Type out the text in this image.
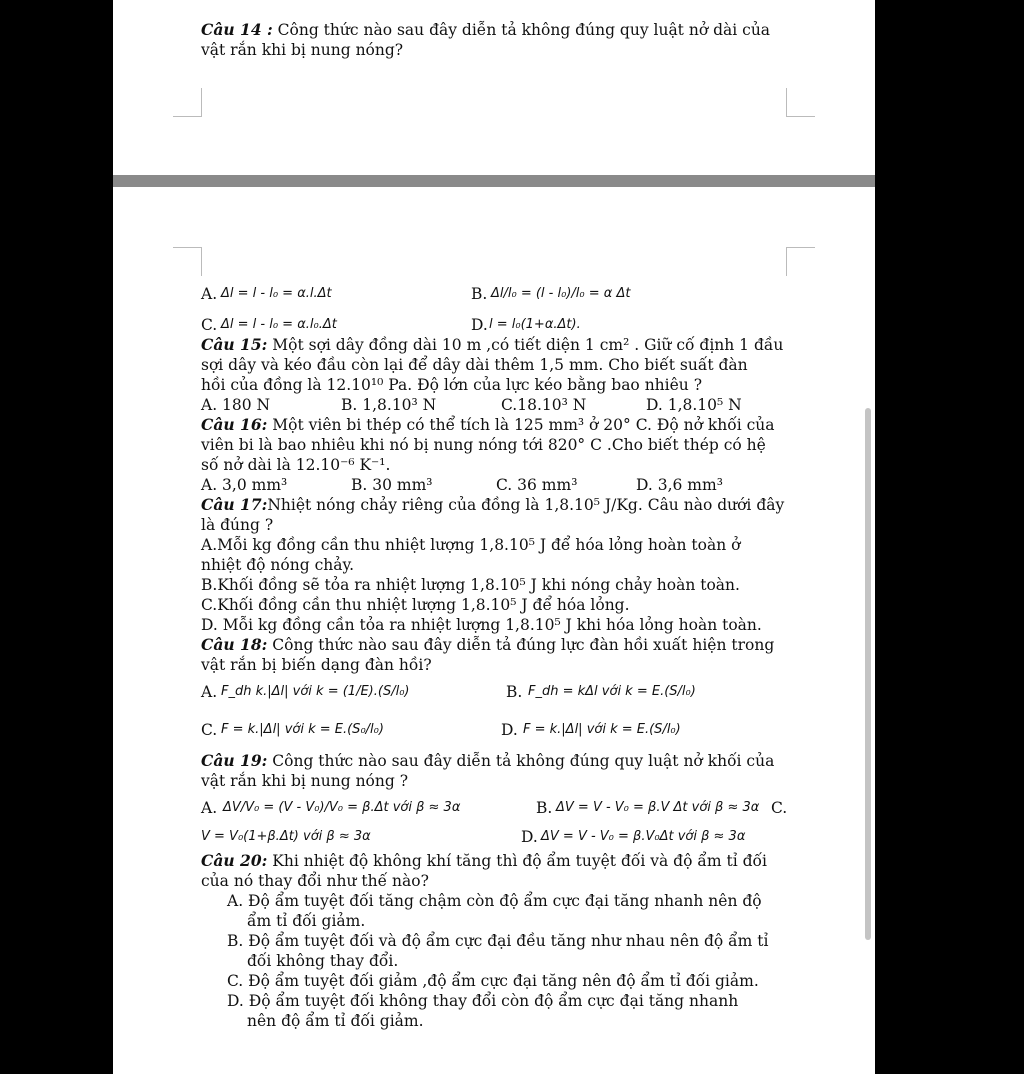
Câu 14 : Công thức nào sau đây diễn tả không đúng quy luật nở dài của
vật rắn khi bị nung nóng?
A. Δl = l - l₀ = α.l.Δt	B. Δl/l₀ = (l - l₀)/l₀ = α Δt
C. Δl = l - l₀ = α.l₀.Δt	D. l = l₀(1+α.Δt).
Câu 15: Một sợi dây đồng dài 10 m ,có tiết diện 1 cm² . Giữ cố định 1 đầu
sợi dây và kéo đầu còn lại để dây dài thêm 1,5 mm. Cho biết suất đàn
hồi của đồng là 12.10¹⁰ Pa. Độ lớn của lực kéo bằng bao nhiêu ?
A. 180 N	B. 1,8.10³ N	C.18.10³ N	D. 1,8.10⁵ N
Câu 16: Một viên bi thép có thể tích là 125 mm³ ở 20° C. Độ nở khối của
viên bi là bao nhiêu khi nó bị nung nóng tới 820° C .Cho biết thép có hệ
số nở dài là 12.10⁻⁶ K⁻¹.
A. 3,0 mm³	B. 30 mm³	C. 36 mm³	D. 3,6 mm³
Câu 17:Nhiệt nóng chảy riêng của đồng là 1,8.10⁵ J/Kg. Câu nào dưới đây
là đúng ?
A.Mỗi kg đồng cần thu nhiệt lượng 1,8.10⁵ J để hóa lỏng hoàn toàn ở
nhiệt độ nóng chảy.
B.Khối đồng sẽ tỏa ra nhiệt lượng 1,8.10⁵ J khi nóng chảy hoàn toàn.
C.Khối đồng cần thu nhiệt lượng 1,8.10⁵ J để hóa lỏng.
D. Mỗi kg đồng cần tỏa ra nhiệt lượng 1,8.10⁵ J khi hóa lỏng hoàn toàn.
Câu 18: Công thức nào sau đây diễn tả đúng lực đàn hồi xuất hiện trong
vật rắn bị biến dạng đàn hồi?
A. F_dh k.|Δl| với k = (1/E).(S/l₀)	B. F_dh = kΔl với k = E.(S/l₀)
C. F = k.|Δl| với k = E.(S₀/l₀)	D. F = k.|Δl| với k = E.(S/l₀)
Câu 19: Công thức nào sau đây diễn tả không đúng quy luật nở khối của
vật rắn khi bị nung nóng ?
A. ΔV/V₀ = (V - V₀)/V₀ = β.Δt với β ≈ 3α	B. ΔV = V - V₀ = β.V Δt với β ≈ 3α C.
V = V₀(1+β.Δt) với β ≈ 3α	D. ΔV = V - V₀ = β.V₀Δt với β ≈ 3α
Câu 20: Khi nhiệt độ không khí tăng thì độ ẩm tuyệt đối và độ ẩm tỉ đối
của nó thay đổi như thế nào?
A. Độ ẩm tuyệt đối tăng chậm còn độ ẩm cực đại tăng nhanh nên độ
ẩm tỉ đối giảm.
B. Độ ẩm tuyệt đối và độ ẩm cực đại đều tăng như nhau nên độ ẩm tỉ
đối không thay đổi.
C. Độ ẩm tuyệt đối giảm ,độ ẩm cực đại tăng nên độ ẩm tỉ đối giảm.
D. Độ ẩm tuyệt đối không thay đổi còn độ ẩm cực đại tăng nhanh
nên độ ẩm tỉ đối giảm.
